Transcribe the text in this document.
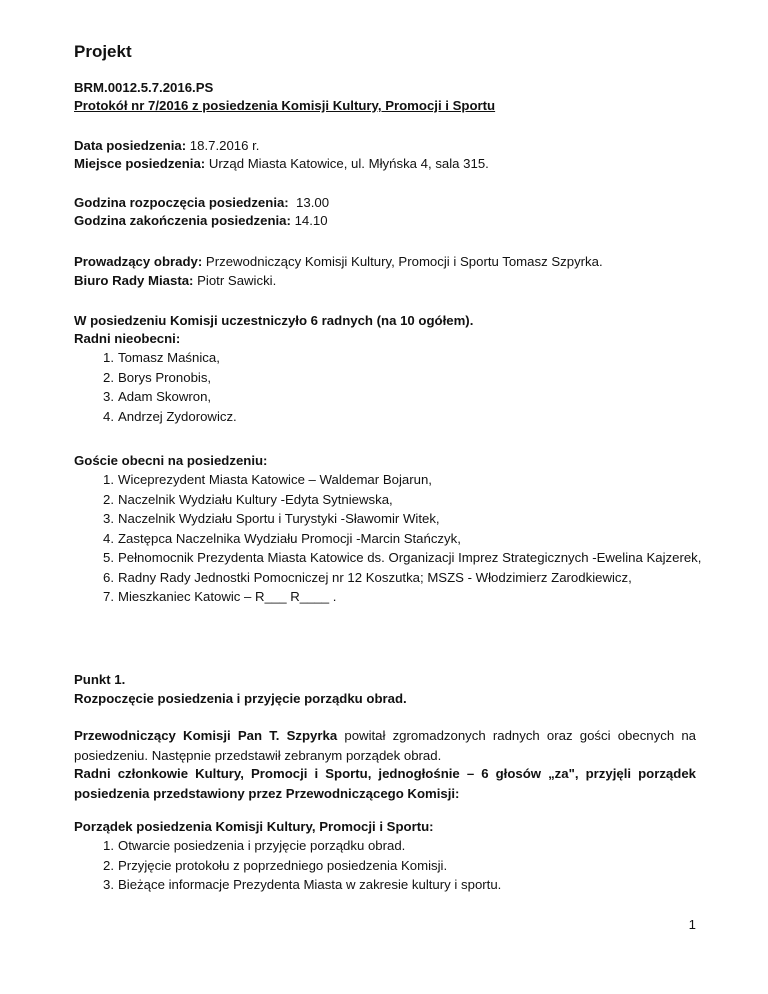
Projekt
BRM.0012.5.7.2016.PS
Protokół nr 7/2016 z posiedzenia Komisji Kultury, Promocji i Sportu
Data posiedzenia: 18.7.2016 r.
Miejsce posiedzenia: Urząd Miasta Katowice, ul. Młyńska 4, sala 315.
Godzina rozpoczęcia posiedzenia: 13.00
Godzina zakończenia posiedzenia: 14.10
Prowadzący obrady: Przewodniczący Komisji Kultury, Promocji i Sportu Tomasz Szpyrka.
Biuro Rady Miasta: Piotr Sawicki.
W posiedzeniu Komisji uczestniczyło 6 radnych (na 10 ogółem).
Radni nieobecni:
1. Tomasz Maśnica,
2. Borys Pronobis,
3. Adam Skowron,
4. Andrzej Zydorowicz.
Goście obecni na posiedzeniu:
1. Wiceprezydent Miasta Katowice – Waldemar Bojarun,
2. Naczelnik Wydziału Kultury -Edyta Sytniewska,
3. Naczelnik Wydziału Sportu i Turystyki -Sławomir Witek,
4. Zastępca Naczelnika Wydziału Promocji -Marcin Stańczyk,
5. Pełnomocnik Prezydenta Miasta Katowice ds. Organizacji Imprez Strategicznych -Ewelina Kajzerek,
6. Radny Rady Jednostki Pomocniczej nr 12 Koszutka; MSZS - Włodzimierz Zarodkiewicz,
7. Mieszkaniec Katowic – R___ R____ .
Punkt 1.
Rozpoczęcie posiedzenia i przyjęcie porządku obrad.
Przewodniczący Komisji Pan T. Szpyrka powitał zgromadzonych radnych oraz gości obecnych na posiedzeniu. Następnie przedstawił zebranym porządek obrad.
Radni członkowie Kultury, Promocji i Sportu, jednogłośnie – 6 głosów „za", przyjęli porządek posiedzenia przedstawiony przez Przewodniczącego Komisji:
Porządek posiedzenia Komisji Kultury, Promocji i Sportu:
1. Otwarcie posiedzenia i przyjęcie porządku obrad.
2. Przyjęcie protokołu z poprzedniego posiedzenia Komisji.
3. Bieżące informacje Prezydenta Miasta w zakresie kultury i sportu.
1
